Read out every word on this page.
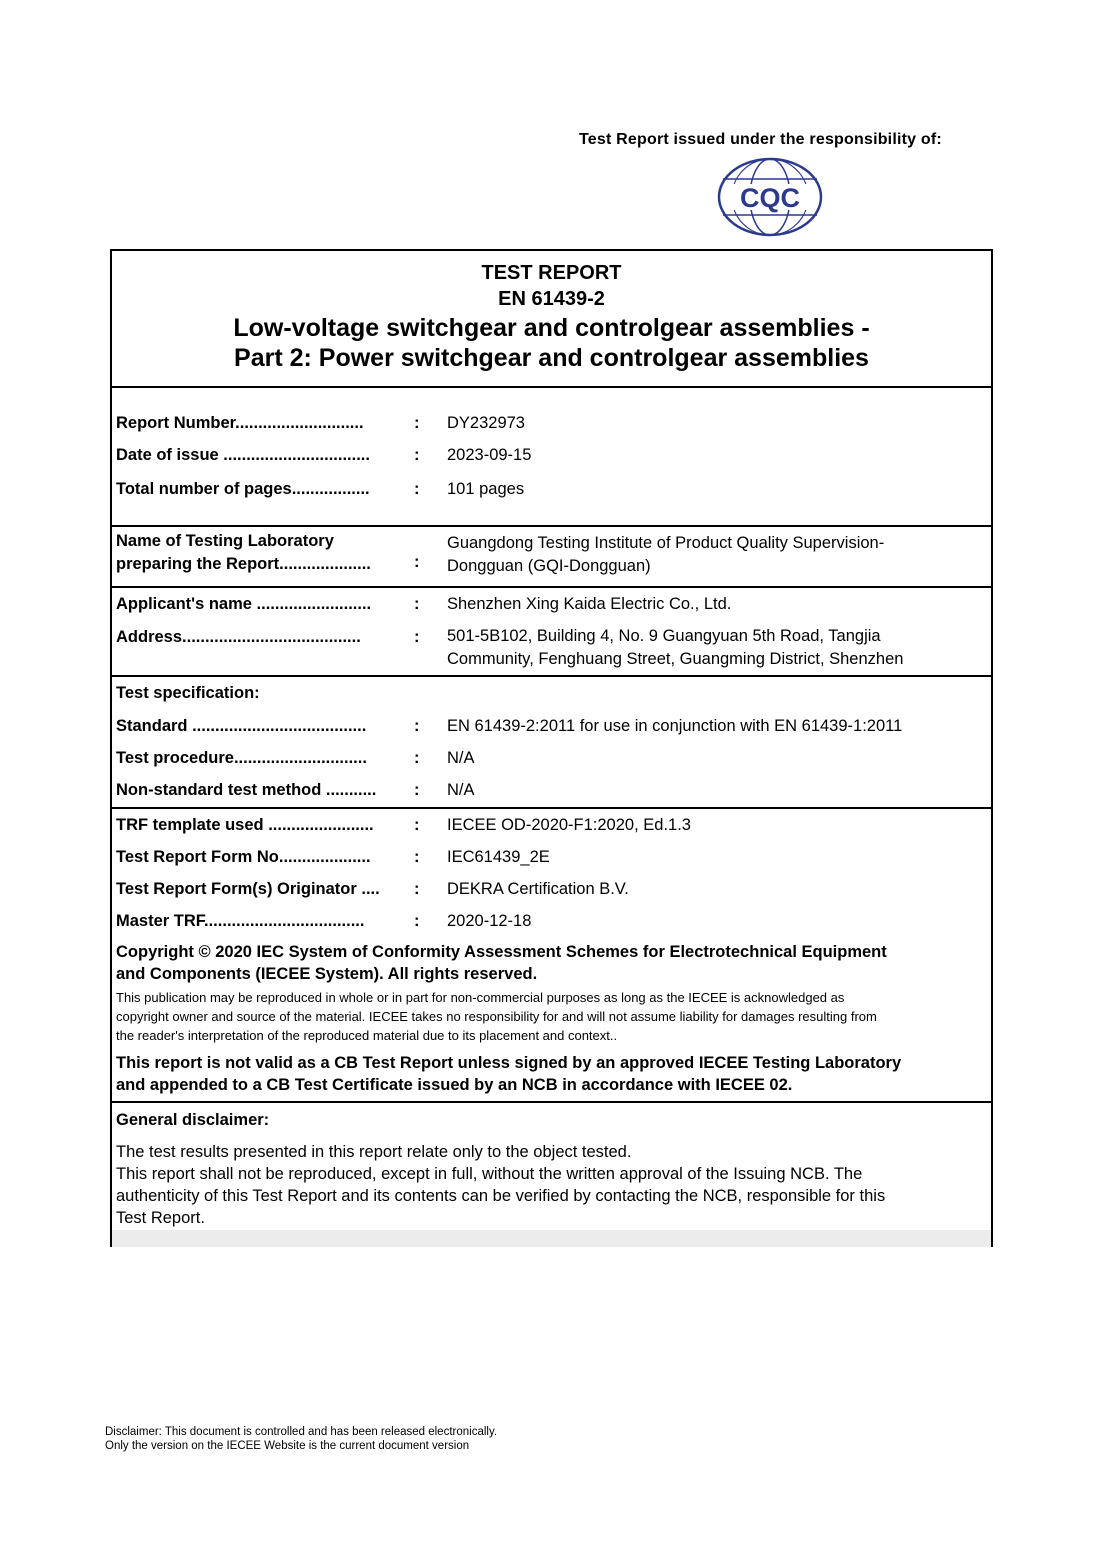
Test Report issued under the responsibility of:
CQC
TEST REPORT
EN 61439-2
Low-voltage switchgear and controlgear assemblies -
Part 2: Power switchgear and controlgear assemblies
Report Number............................	: DY232973
Date of issue ................................	: 2023-09-15
Total number of pages.................	: 101 pages
Name of Testing Laboratory
preparing the Report....................	:
Guangdong Testing Institute of Product Quality Supervision-
Dongguan (GQI-Dongguan)
Applicant's name .........................	: Shenzhen Xing Kaida Electric Co., Ltd.
Address.......................................	: 501-5B102, Building 4, No. 9 Guangyuan 5th Road, Tangjia
Community, Fenghuang Street, Guangming District, Shenzhen
Test specification:
Standard ......................................	: EN 61439-2:2011 for use in conjunction with EN 61439-1:2011
Test procedure.............................	: N/A
Non-standard test method ........... : N/A
TRF template used ....................... : IECEE OD-2020-F1:2020, Ed.1.3
Test Report Form No....................	: IEC61439_2E
Test Report Form(s) Originator .... : DEKRA Certification B.V.
Master TRF...................................	: 2020-12-18
Copyright © 2020 IEC System of Conformity Assessment Schemes for Electrotechnical Equipment
and Components (IECEE System). All rights reserved.
This publication may be reproduced in whole or in part for non-commercial purposes as long as the IECEE is acknowledged as
copyright owner and source of the material. IECEE takes no responsibility for and will not assume liability for damages resulting from
the reader's interpretation of the reproduced material due to its placement and context..
This report is not valid as a CB Test Report unless signed by an approved IECEE Testing Laboratory
and appended to a CB Test Certificate issued by an NCB in accordance with IECEE 02.
General disclaimer:
The test results presented in this report relate only to the object tested.
This report shall not be reproduced, except in full, without the written approval of the Issuing NCB. The
authenticity of this Test Report and its contents can be verified by contacting the NCB, responsible for this
Test Report.
Disclaimer: This document is controlled and has been released electronically.
Only the version on the IECEE Website is the current document version
